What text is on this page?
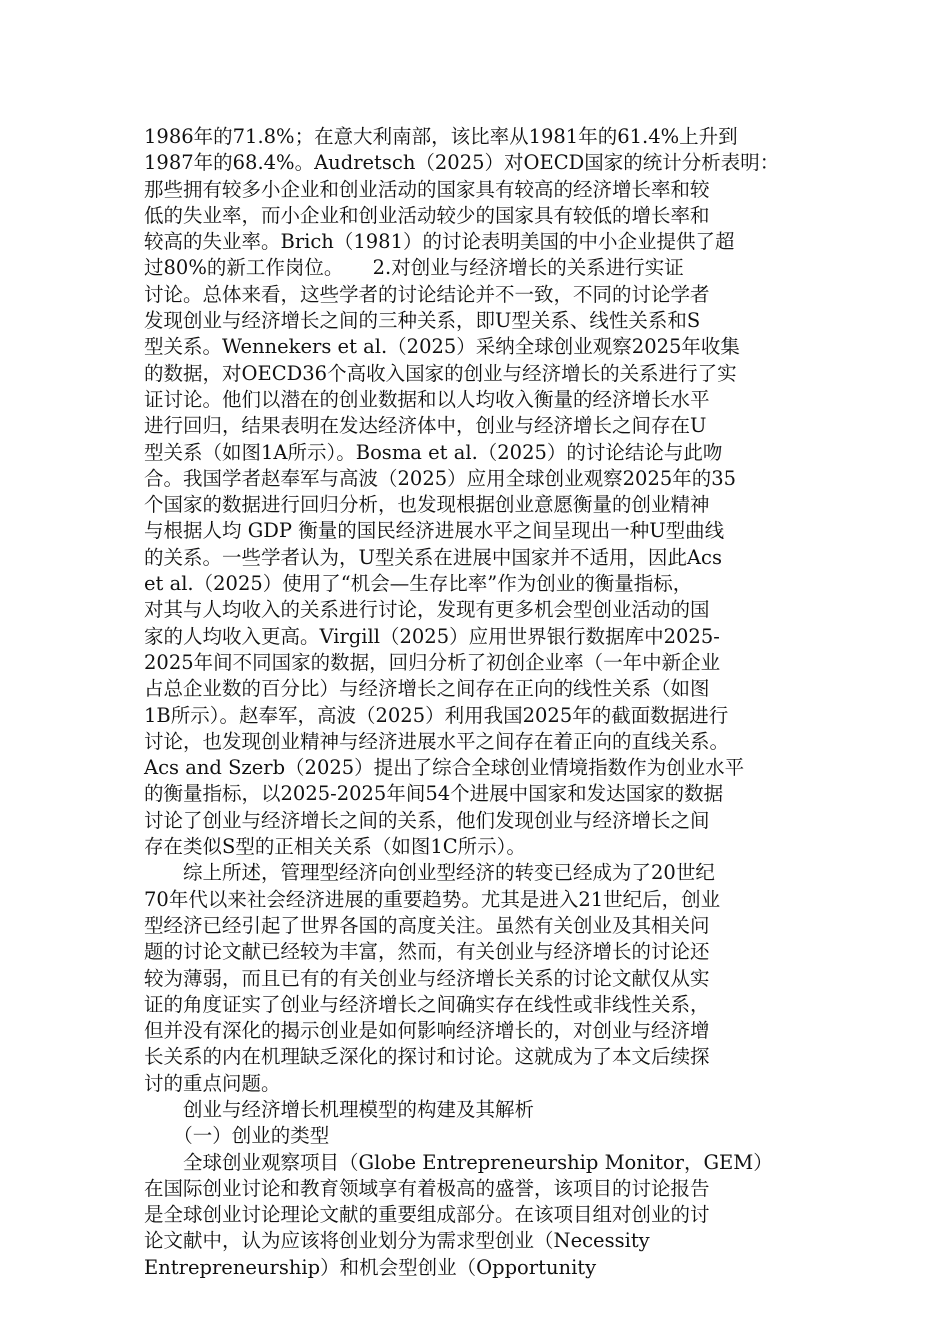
1986年的71.8%；在意大利南部，该比率从1981年的61.4%上升到
1987年的68.4%。Audretsch（2025）对OECD国家的统计分析表明：
那些拥有较多小企业和创业活动的国家具有较高的经济增长率和较
低的失业率，而小企业和创业活动较少的国家具有较低的增长率和
较高的失业率。Brich（1981）的讨论表明美国的中小企业提供了超
过80%的新工作岗位。　　2.对创业与经济增长的关系进行实证
讨论。总体来看，这些学者的讨论结论并不一致，不同的讨论学者
发现创业与经济增长之间的三种关系，即U型关系、线性关系和S
型关系。Wennekers et al.（2025）采纳全球创业观察2025年收集
的数据，对OECD36个高收入国家的创业与经济增长的关系进行了实
证讨论。他们以潜在的创业数据和以人均收入衡量的经济增长水平
进行回归，结果表明在发达经济体中，创业与经济增长之间存在U
型关系（如图1A所示）。Bosma et al.（2025）的讨论结论与此吻
合。我国学者赵奉军与高波（2025）应用全球创业观察2025年的35
个国家的数据进行回归分析，也发现根据创业意愿衡量的创业精神
与根据人均 GDP 衡量的国民经济进展水平之间呈现出一种U型曲线
的关系。一些学者认为，U型关系在进展中国家并不适用，因此Acs
et al.（2025）使用了“机会—生存比率”作为创业的衡量指标，
对其与人均收入的关系进行讨论，发现有更多机会型创业活动的国
家的人均收入更高。Virgill（2025）应用世界银行数据库中2025-
2025年间不同国家的数据，回归分析了初创企业率（一年中新企业
占总企业数的百分比）与经济增长之间存在正向的线性关系（如图
1B所示）。赵奉军，高波（2025）利用我国2025年的截面数据进行
讨论，也发现创业精神与经济进展水平之间存在着正向的直线关系。
Acs and Szerb（2025）提出了综合全球创业情境指数作为创业水平
的衡量指标，以2025-2025年间54个进展中国家和发达国家的数据
讨论了创业与经济增长之间的关系，他们发现创业与经济增长之间
存在类似S型的正相关关系（如图1C所示）。
　　综上所述，管理型经济向创业型经济的转变已经成为了20世纪
70年代以来社会经济进展的重要趋势。尤其是进入21世纪后，创业
型经济已经引起了世界各国的高度关注。虽然有关创业及其相关问
题的讨论文献已经较为丰富，然而，有关创业与经济增长的讨论还
较为薄弱，而且已有的有关创业与经济增长关系的讨论文献仅从实
证的角度证实了创业与经济增长之间确实存在线性或非线性关系，
但并没有深化的揭示创业是如何影响经济增长的，对创业与经济增
长关系的内在机理缺乏深化的探讨和讨论。这就成为了本文后续探
讨的重点问题。
　　创业与经济增长机理模型的构建及其解析
　　（一）创业的类型
　　全球创业观察项目（Globe Entrepreneurship Monitor，GEM）
在国际创业讨论和教育领域享有着极高的盛誉，该项目的讨论报告
是全球创业讨论理论文献的重要组成部分。在该项目组对创业的讨
论文献中，认为应该将创业划分为需求型创业（Necessity
Entrepreneurship）和机会型创业（Opportunity
